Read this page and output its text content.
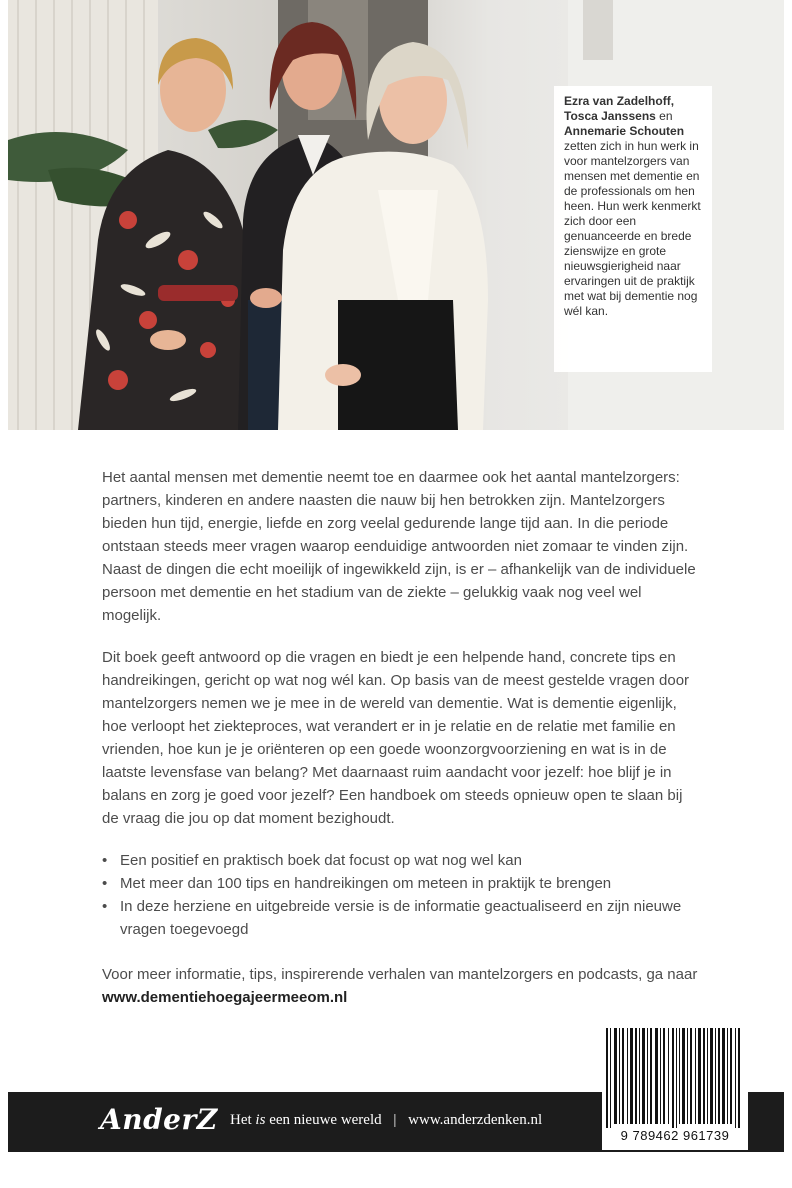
Ezra van Zadelhoff,
Tosca Janssens en
Annemarie Schouten zetten zich in hun werk in voor mantelzorgers van mensen met dementie en de professionals om hen heen. Hun werk kenmerkt zich door een genuanceerde en brede zienswijze en grote nieuwsgierigheid naar ervaringen uit de praktijk met wat bij dementie nog wél kan.

Het aantal mensen met dementie neemt toe en daarmee ook het aantal mantelzorgers: partners, kinderen en andere naasten die nauw bij hen betrokken zijn. Mantelzorgers bieden hun tijd, energie, liefde en zorg veelal gedurende lange tijd aan. In die periode ontstaan steeds meer vragen waarop eenduidige antwoorden niet zomaar te vinden zijn. Naast de dingen die echt moeilijk of ingewikkeld zijn, is er – afhankelijk van de individuele persoon met dementie en het stadium van de ziekte – gelukkig vaak nog veel wel mogelijk.

Dit boek geeft antwoord op die vragen en biedt je een helpende hand, concrete tips en handreikingen, gericht op wat nog wél kan. Op basis van de meest gestelde vragen door mantelzorgers nemen we je mee in de wereld van dementie. Wat is dementie eigenlijk, hoe verloopt het ziekteproces, wat verandert er in je relatie en de relatie met familie en vrienden, hoe kun je je oriënteren op een goede woonzorgvoorziening en wat is in de laatste levensfase van belang? Met daarnaast ruim aandacht voor jezelf: hoe blijf je in balans en zorg je goed voor jezelf? Een handboek om steeds opnieuw open te slaan bij de vraag die jou op dat moment bezighoudt.

• Een positief en praktisch boek dat focust op wat nog wel kan
• Met meer dan 100 tips en handreikingen om meteen in praktijk te brengen
• In deze herziene en uitgebreide versie is de informatie geactualiseerd en zijn nieuwe vragen toegevoegd

Voor meer informatie, tips, inspirerende verhalen van mantelzorgers en podcasts, ga naar www.dementiehoegajeermeeom.nl

AnderZ Het is een nieuwe wereld | www.anderzdenken.nl
9 789462 961739
